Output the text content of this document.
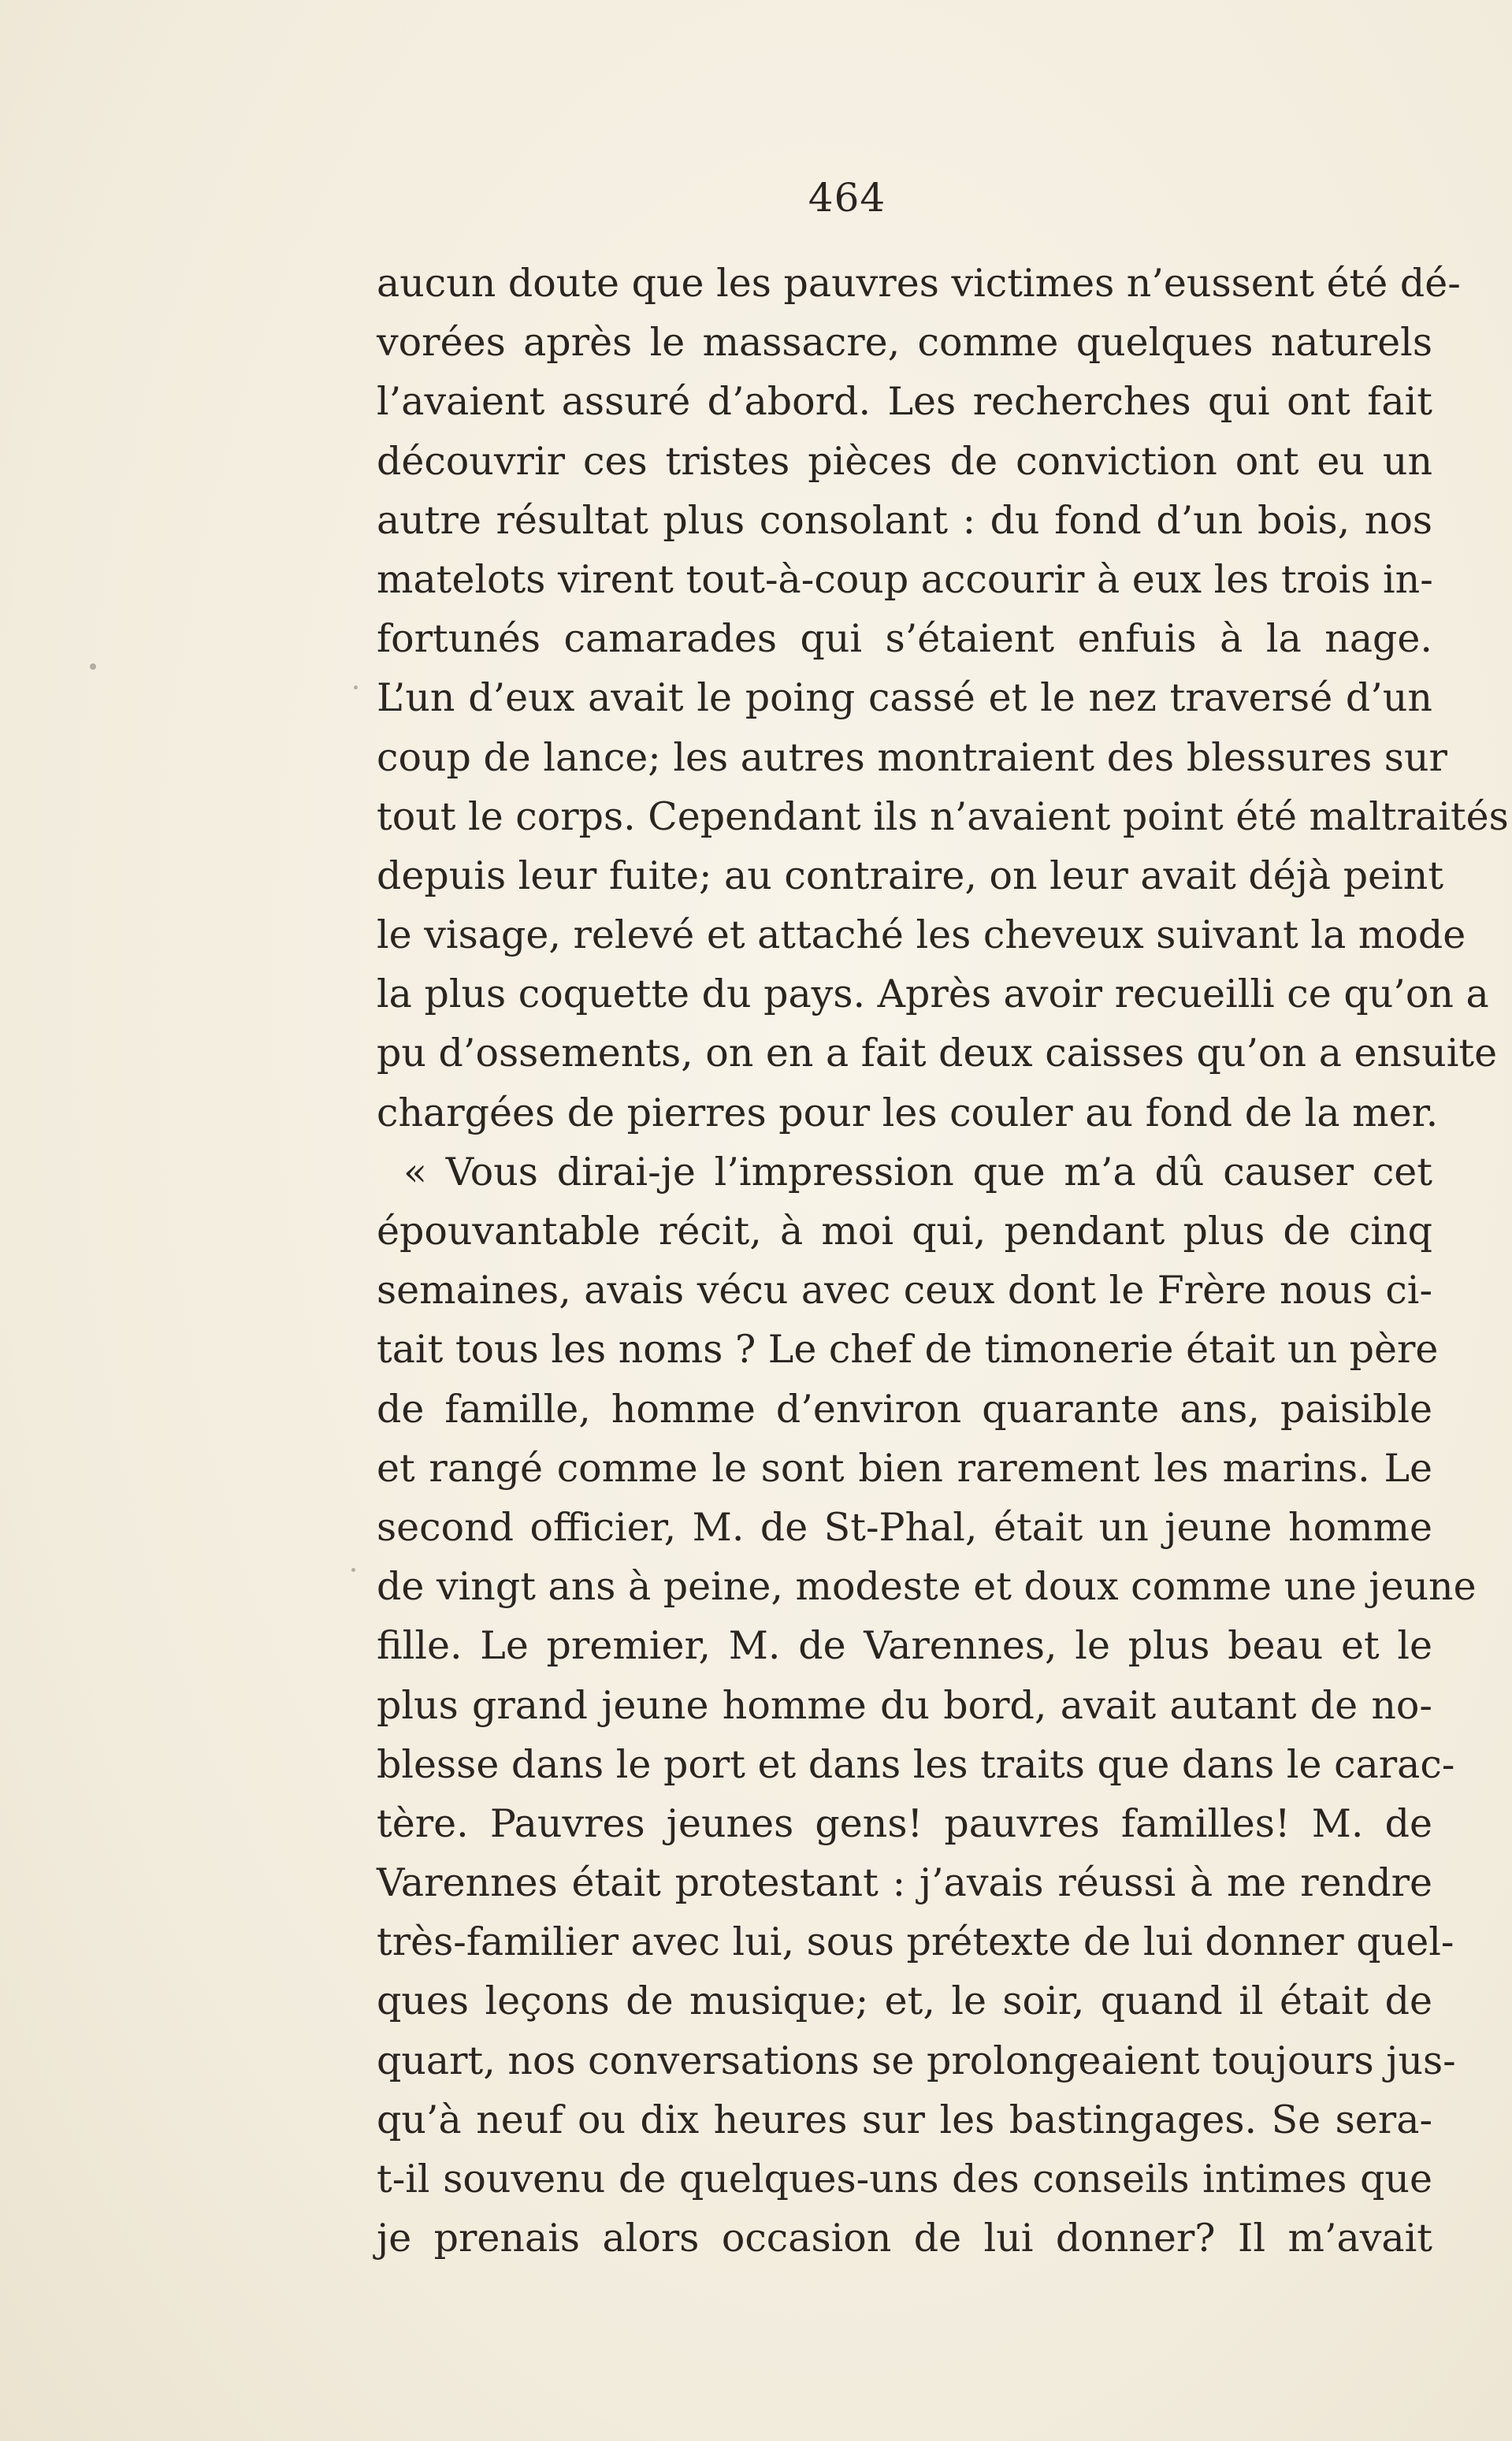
464
aucun doute que les pauvres victimes n’eussent été dé-
vorées après le massacre, comme quelques naturels
l’avaient assuré d’abord. Les recherches qui ont fait
découvrir ces tristes pièces de conviction ont eu un
autre résultat plus consolant : du fond d’un bois, nos
matelots virent tout-à-coup accourir à eux les trois in-
fortunés camarades qui s’étaient enfuis à la nage.
L’un d’eux avait le poing cassé et le nez traversé d’un
coup de lance; les autres montraient des blessures sur
tout le corps. Cependant ils n’avaient point été maltraités
depuis leur fuite; au contraire, on leur avait déjà peint
le visage, relevé et attaché les cheveux suivant la mode
la plus coquette du pays. Après avoir recueilli ce qu’on a
pu d’ossements, on en a fait deux caisses qu’on a ensuite
chargées de pierres pour les couler au fond de la mer.
« Vous dirai-je l’impression que m’a dû causer cet
épouvantable récit, à moi qui, pendant plus de cinq
semaines, avais vécu avec ceux dont le Frère nous ci-
tait tous les noms ? Le chef de timonerie était un père
de famille, homme d’environ quarante ans, paisible
et rangé comme le sont bien rarement les marins. Le
second officier, M. de St-Phal, était un jeune homme
de vingt ans à peine, modeste et doux comme une jeune
fille. Le premier, M. de Varennes, le plus beau et le
plus grand jeune homme du bord, avait autant de no-
blesse dans le port et dans les traits que dans le carac-
tère. Pauvres jeunes gens! pauvres familles! M. de
Varennes était protestant : j’avais réussi à me rendre
très-familier avec lui, sous prétexte de lui donner quel-
ques leçons de musique; et, le soir, quand il était de
quart, nos conversations se prolongeaient toujours jus-
qu’à neuf ou dix heures sur les bastingages. Se sera-
t-il souvenu de quelques-uns des conseils intimes que
je prenais alors occasion de lui donner? Il m’avait
